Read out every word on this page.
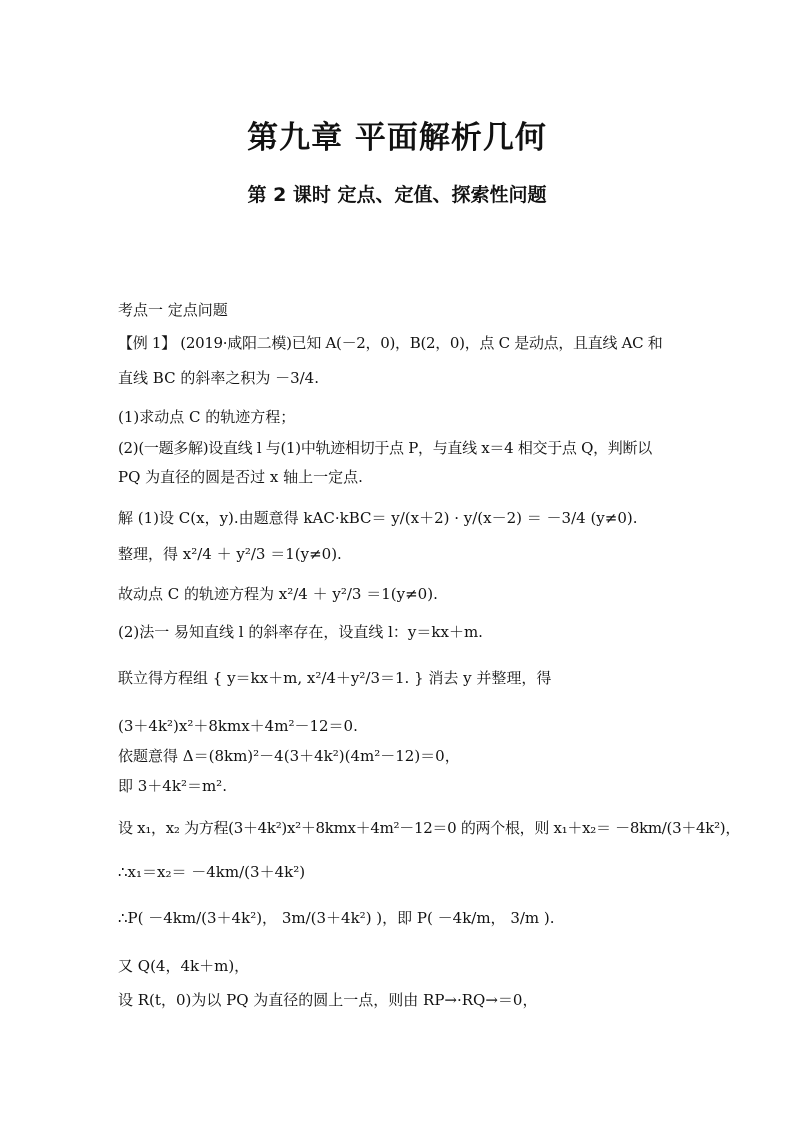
第九章 平面解析几何
第 2 课时 定点、定值、探索性问题
考点一 定点问题
【例 1】 (2019·咸阳二模)已知 A(－2，0)，B(2，0)，点 C 是动点，且直线 AC 和
直线 BC 的斜率之积为 －3/4.
(1)求动点 C 的轨迹方程；
(2)(一题多解)设直线 l 与(1)中轨迹相切于点 P，与直线 x＝4 相交于点 Q，判断以
PQ 为直径的圆是否过 x 轴上一定点.
解 (1)设 C(x，y).由题意得 kAC·kBC＝ y/(x＋2) · y/(x－2) ＝ －3/4 (y≠0).
整理，得 x²/4 ＋ y²/3 ＝1(y≠0).
故动点 C 的轨迹方程为 x²/4 ＋ y²/3 ＝1(y≠0).
(2)法一 易知直线 l 的斜率存在，设直线 l：y＝kx＋m.
联立得方程组 { y＝kx＋m, x²/4＋y²/3＝1. } 消去 y 并整理，得
(3＋4k²)x²＋8kmx＋4m²－12＝0.
依题意得 Δ＝(8km)²－4(3＋4k²)(4m²－12)＝0，
即 3＋4k²＝m².
设 x₁，x₂ 为方程(3＋4k²)x²＋8kmx＋4m²－12＝0 的两个根，则 x₁＋x₂＝ －8km/(3＋4k²)，
∴x₁＝x₂＝ －4km/(3＋4k²)
∴P( －4km/(3＋4k²)， 3m/(3＋4k²) )，即 P( －4k/m， 3/m ).
又 Q(4，4k＋m)，
设 R(t，0)为以 PQ 为直径的圆上一点，则由 RP→·RQ→＝0，
